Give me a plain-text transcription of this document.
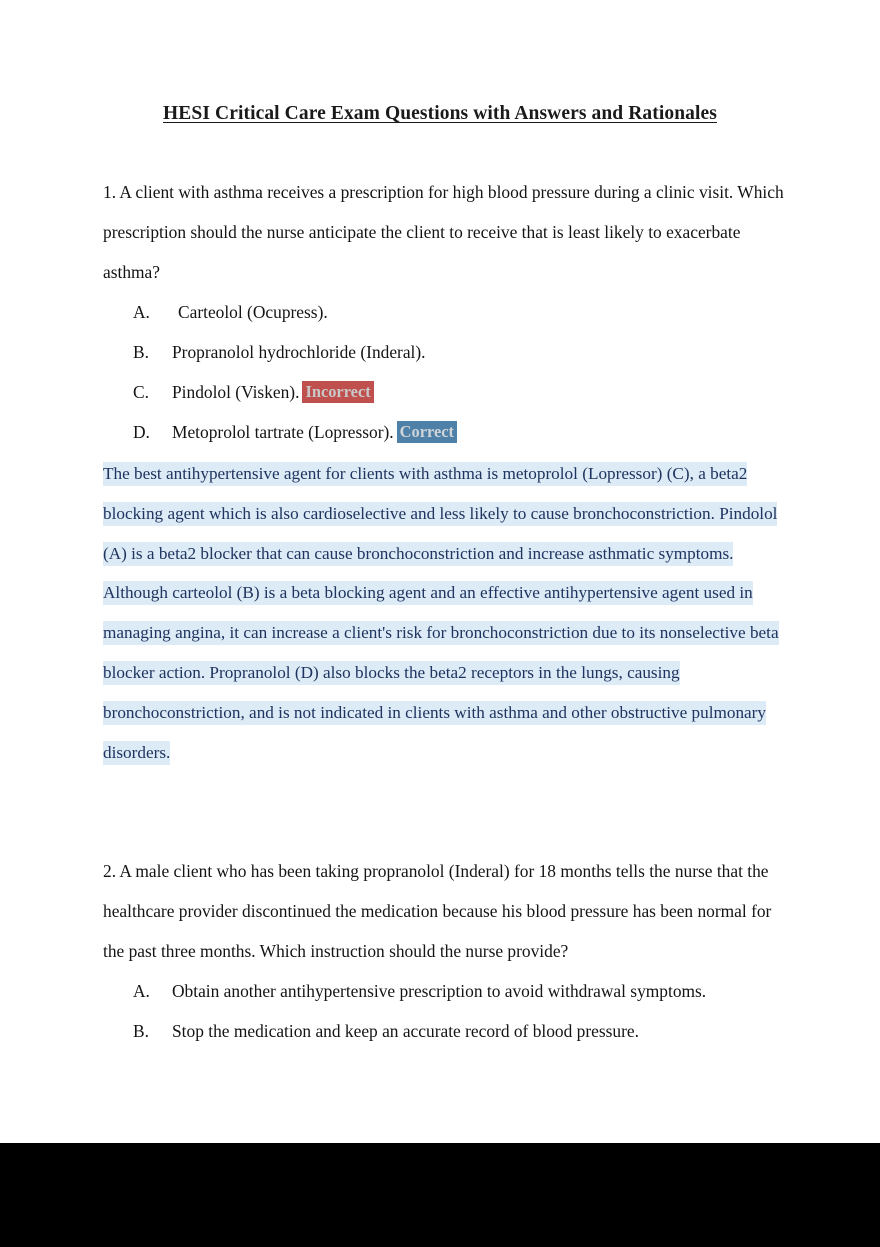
HESI Critical Care Exam Questions with Answers and Rationales

1. A client with asthma receives a prescription for high blood pressure during a clinic visit. Which prescription should the nurse anticipate the client to receive that is least likely to exacerbate asthma?

A.	Carteolol (Ocupress).
B.	Propranolol hydrochloride (Inderal).
C.	Pindolol (Visken). Incorrect
D.	Metoprolol tartrate (Lopressor). Correct

The best antihypertensive agent for clients with asthma is metoprolol (Lopressor) (C), a beta2 blocking agent which is also cardioselective and less likely to cause bronchoconstriction. Pindolol (A) is a beta2 blocker that can cause bronchoconstriction and increase asthmatic symptoms. Although carteolol (B) is a beta blocking agent and an effective antihypertensive agent used in managing angina, it can increase a client's risk for bronchoconstriction due to its nonselective beta blocker action. Propranolol (D) also blocks the beta2 receptors in the lungs, causing bronchoconstriction, and is not indicated in clients with asthma and other obstructive pulmonary disorders.

2. A male client who has been taking propranolol (Inderal) for 18 months tells the nurse that the healthcare provider discontinued the medication because his blood pressure has been normal for the past three months. Which instruction should the nurse provide?

A.	Obtain another antihypertensive prescription to avoid withdrawal symptoms.
B.	Stop the medication and keep an accurate record of blood pressure.
